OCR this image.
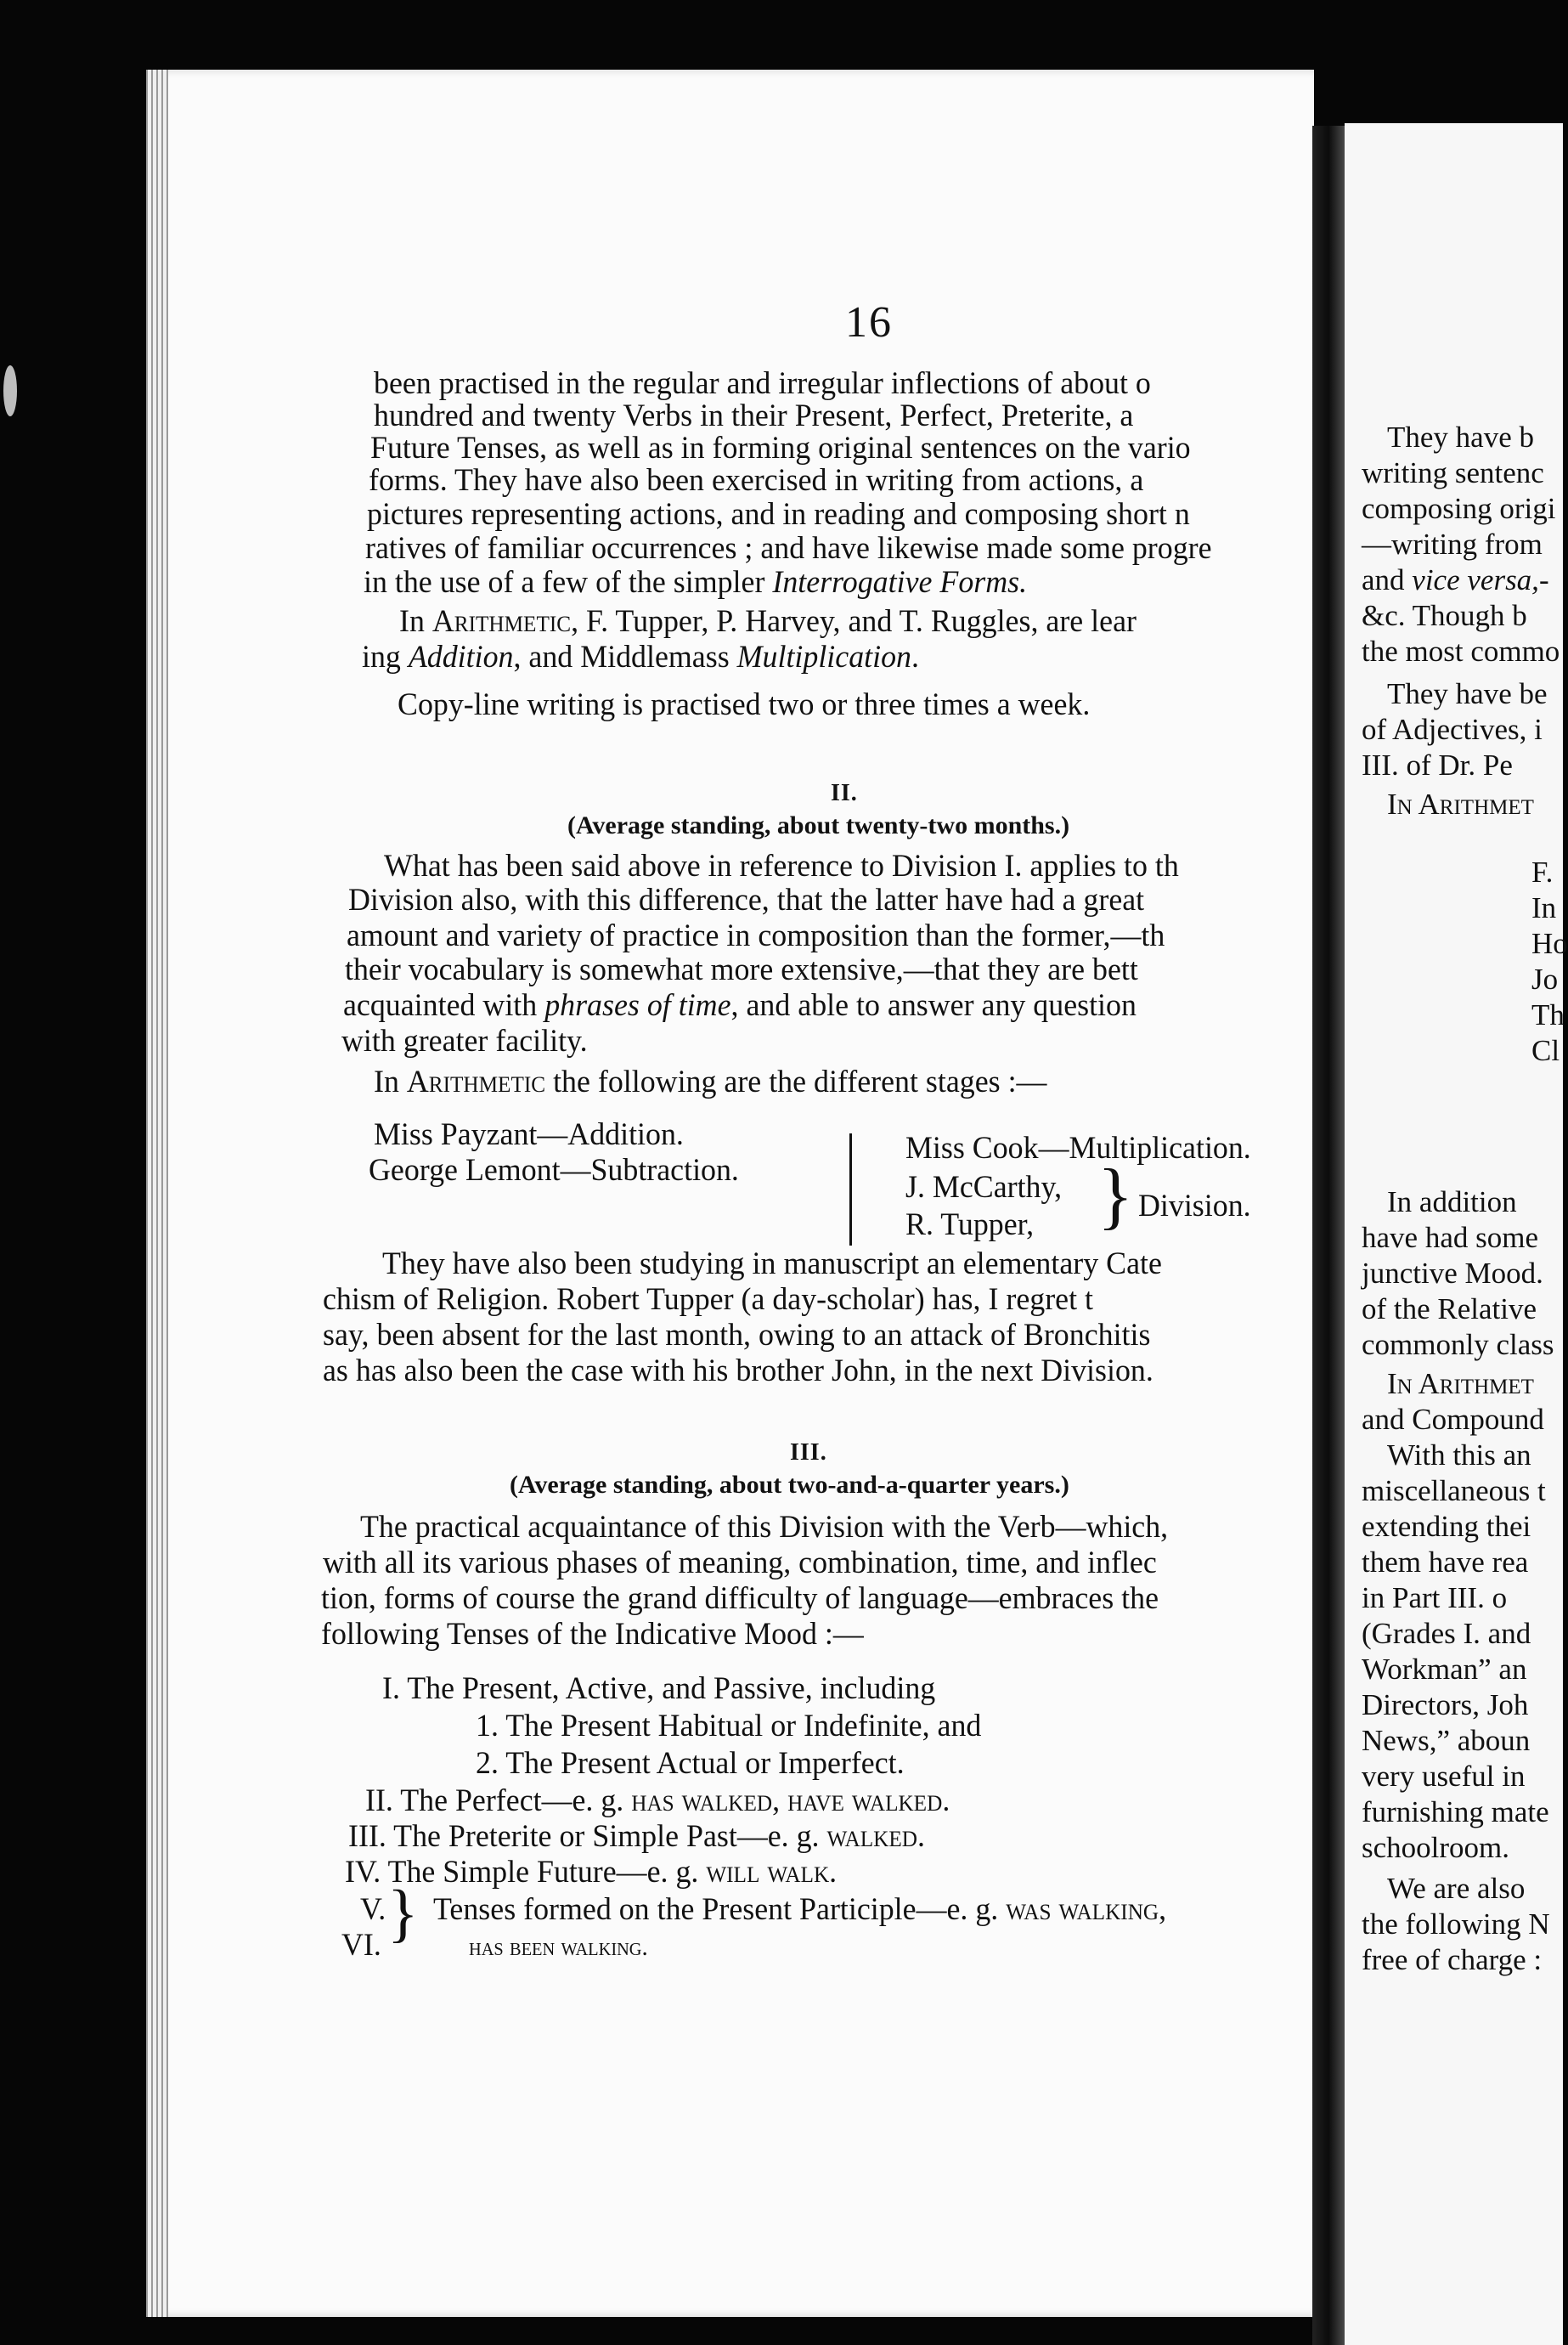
They have b
writing sentenc
composing origi
—writing from
and vice versa,-
&c. Though b
the most commo
They have be
of Adjectives, i
III. of Dr. Pe
In Arithmet
F.
In
Ho
Jo
Th
Cl
In addition
have had some
junctive Mood.
of the Relative
commonly class
In Arithmet
and Compound
With this an
miscellaneous t
extending thei
them have rea
in Part III. o
(Grades I. and
Workman” an
Directors, Joh
News,” aboun
very useful in
furnishing mate
schoolroom.
We are also
the following N
free of charge :
16
been practised in the regular and irregular inflections of about o
hundred and twenty Verbs in their Present, Perfect, Preterite, a
Future Tenses, as well as in forming original sentences on the vario
forms. They have also been exercised in writing from actions, a
pictures representing actions, and in reading and composing short n
ratives of familiar occurrences ; and have likewise made some progre
in the use of a few of the simpler Interrogative Forms.
In Arithmetic, F. Tupper, P. Harvey, and T. Ruggles, are lear
ing Addition, and Middlemass Multiplication.
Copy-line writing is practised two or three times a week.
II.
(Average standing, about twenty-two months.)
What has been said above in reference to Division I. applies to th
Division also, with this difference, that the latter have had a great
amount and variety of practice in composition than the former,—th
their vocabulary is somewhat more extensive,—that they are bett
acquainted with phrases of time, and able to answer any question
with greater facility.
In Arithmetic the following are the different stages :—
Miss Payzant—Addition.
George Lemont—Subtraction.
Miss Cook—Multiplication.
J. McCarthy,
R. Tupper, } Division.
They have also been studying in manuscript an elementary Cate
chism of Religion. Robert Tupper (a day-scholar) has, I regret t
say, been absent for the last month, owing to an attack of Bronchitis
as has also been the case with his brother John, in the next Division.
III.
(Average standing, about two-and-a-quarter years.)
The practical acquaintance of this Division with the Verb—which,
with all its various phases of meaning, combination, time, and inflec
tion, forms of course the grand difficulty of language—embraces the
following Tenses of the Indicative Mood :—
I. The Present, Active, and Passive, including
1. The Present Habitual or Indefinite, and
2. The Present Actual or Imperfect.
II. The Perfect—e. g. has walked, have walked.
III. The Preterite or Simple Past—e. g. walked.
IV. The Simple Future—e. g. will walk.
V.
VI. } Tenses formed on the Present Participle—e. g. was walking,
has been walking.
